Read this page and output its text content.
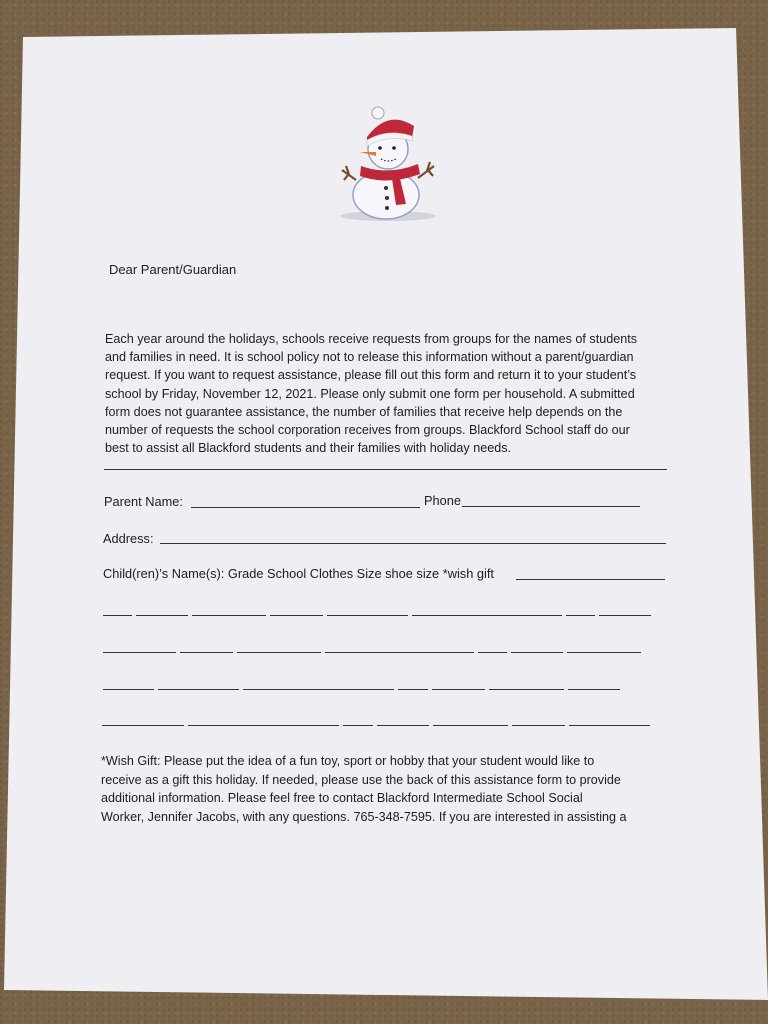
Dear Parent/Guardian
Each year around the holidays, schools receive requests from groups for the names of students
and families in need. It is school policy not to release this information without a parent/guardian
request. If you want to request assistance, please fill out this form and return it to your student’s
school by Friday, November 12, 2021. Please only submit one form per household. A submitted
form does not guarantee assistance, the number of families that receive help depends on the
number of requests the school corporation receives from groups. Blackford School staff do our
best to assist all Blackford students and their families with holiday needs.
Parent Name:	Phone
Address:
Child(ren)’s Name(s): Grade School Clothes Size shoe size *wish gift
*Wish Gift: Please put the idea of a fun toy, sport or hobby that your student would like to
receive as a gift this holiday. If needed, please use the back of this assistance form to provide
additional information. Please feel free to contact Blackford Intermediate School Social
Worker, Jennifer Jacobs, with any questions. 765-348-7595. If you are interested in assisting a
